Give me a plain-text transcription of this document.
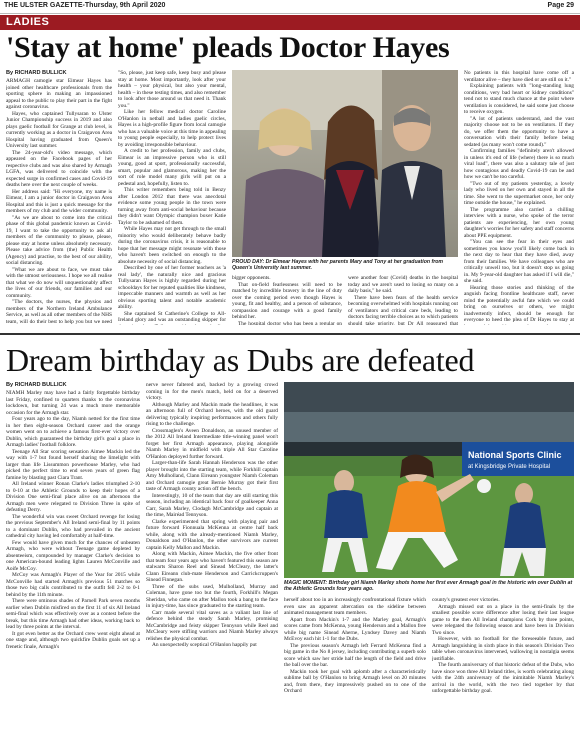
THE ULSTER GAZETTE-Thursday, 9th April 2020	Page 29
LADIES
'Stay at home' pleads Doctor Hayes
By RICHARD BULLICK

ARMAGH camogie star Eimear Hayes has joined other healthcare professionals from the sporting sphere in making an impassioned appeal to the public to play their part in the fight against coronavirus.

Hayes, who captained Tullysaran to Ulster Junior Championship success in 2019 and also plays gaelic football for Grange at club level, is currently working as a doctor in Craigavon Area Hospital having graduated from Queen's University last summer.

The 24-year-old's video message, which appeared on the Facebook pages of her respective clubs and was also shared by Armagh LGFA, was delivered to coincide with the expected surge in confirmed cases and Covid-19 deaths here over the next couple of weeks.

Her address said: "Hi everyone, my name is Eimear, I am a junior doctor in Craigavon Area Hospital and this is just a quick message for the members of my club and the wider community.

"As we are about to come into the critical phase of this global pandemic known as Covid-19, I want to take the opportunity to ask all members of the community to please, please, please stay at home unless absolutely necessary. Please take advice from (the) Public Health (Agency) and practise, to the best of our ability, social distancing.

"What we are about to face, we must take with the utmost seriousness. I hope we all realise that what we do now will unquestionably affect the lives of our friends, our families and our community.

"The doctors, the nurses, the physios and members of the Northern Ireland Ambulance Service, as well as all other members of the NHS team, will do their best to help you but we need

"So, please, just keep safe, keep busy and please stay at home. Most importantly, look after your health – your physical, but also your mental, health – in these testing times, and also remember to look after those around us that need it. Thank you."

Like her fellow medical doctor Caroline O'Hanlon in netball and ladies gaelic circles, Hayes is a high-profile figure from local camogie who has a valuable voice at this time in appealing to young people especially, to help protect lives by avoiding irresponsible behaviour.

A credit to her profession, family and clubs, Eimear is an impressive person who is still young, good at sport, professionally successful, smart, popular and glamorous, making her the sort of role model many girls will put on a pedestal and, hopefully, listen to.

This writer remembers being told in Benzy after London 2012 that there was anecdotal evidence some young people in the town were turning away from anti-social behaviour because they didn't want Olympic champion boxer Katie Taylor to be ashamed of them.

While Hayes may not get through to the small minority who would deliberately behave badly during the coronavirus crisis, it is reasonable to hope that her message might resonate with those who haven't been switched on enough to the absolute necessity of social distancing.

Described by one of her former teachers as 'a real lady', the naturally nice and gracious Tullysaran Hayes is highly regarded during her schooldays for her reputed qualities like kindness, impeccable manners and warmth as well as her obvious sporting talent and notable academic ability.

She captained St Catherine's College to All-Ireland glory and was an outstanding skipper for

PROUD DAY: Dr Eimear Hayes with her parents Mary and Tony at her graduation from Queen's University last summer.

bigger opponents.

That on-field fearlessness will need to be matched by incredible bravery in the line of duty over the coming period even though Hayes is young, fit and healthy, and a person of substance, compassion and courage with a good family behind her.

The hospital doctor who has been a regular on

were another four (Covid) deaths in the hospital today and we aren't used to losing so many on a daily basis," he said.

There have been fears of the health service becoming overwhelmed with hospitals running out of ventilators and critical care beds, leading to doctors facing terrible choices as to which patients should take priority, but Dr All reassured that

No patients in this hospital have come off a ventilator alive – they have died or are still on it."

Explaining patients with "long-standing lung conditions, very bad heart or kidney conditions" tend not to stand much chance at the point where ventilation is considered, he said some just choose to receive oxygen.

"A lot of patients understand, and the vast majority choose not to be on ventilators. If they do, we offer them the opportunity to have a conversation with their family before being sedated (as many won't come round)."

Confirming families "definitely aren't allowed in unless it's end of life (where) there is so much viral load", there was also a salutary tale of just how contagious and deadly Covid-19 can be and how we can't be too careful.

"Two out of my patients yesterday, a lovely lady who lived on her own and stayed in all the time. She went to the supermarket once, her only time outside the house," he explained.

The programme also carried a chilling interview with a nurse, who spoke of the terror patients are experiencing, her own young daughter's worries for her safety and staff concerns about PPE equipment.

"You can see the fear in their eyes and sometimes you know you'll likely come back in the next day to hear that they have died, away from their families. We have colleagues who are critically unwell too, but it doesn't stop us going in. My 9-year-old daughter has asked if I will die," she said.

Hearing those stories and thinking of the anguish facing frontline healthcare staff, never mind the potentially awful fate which we could bring on ourselves or others, we might inadvertently infect, should be enough for everyone to heed the plea of Dr Hayes to stay at

Dream birthday as Dubs are defeated
By RICHARD BULLICK

NIAMH Marley may have had a fairly forgettable birthday last Friday, confined to quarters thanks to the coronavirus lockdown, but turning 24 was a much more memorable occasion for the Armagh star.

Four years ago to the day, Niamh netted for the first time in her then eight-season Orchard career and the orange women went on to achieve a famous first-ever victory over Dublin, which guaranteed the birthday girl's goal a place in Armagh ladies' football folklore.

Teenage All Star scoring sensation Aimee Mackin led the way with 1-7 but found herself sharing the limelight with larger than life Lissummon powerhouse Marley, who had picked the perfect time to end seven years of green flag famine by blasting past Ciara Trant.

All Ireland winner Ronan Clarke's ladies triumphed 2-10 to 0-10 at the Athletic Grounds to keep their hopes of a Division One semi-final place alive on an afternoon the Armagh men were relegated to Division Three in spite of defeating Derry.

The wonderful win was sweet Orchard revenge for losing the previous September's All Ireland semi-final by 11 points to a dominant Dublin, who had prevailed in the ancient cathedral city having led comfortably at half-time.

Few would have given much for the chances of unbeaten Armagh, who were without Teenage game depleted by absenteeism, compounded by manager Clarke's decision to one American-bound leading lights Lauren McConville and Aoife McCoy.

McCoy was Armagh's Player of the Year for 2015 while McConville had started Armagh's previous 51 matches so those two big calls contributed to the outfit fell 2-2 to 0-1 behind by the 11th minute.

There were ominous shades of Parnell Park seven months earlier when Dublin misfired on the first 11 of six All Ireland semi-final which was effectively over as a contest before the break, but this time Armagh had other ideas, working back to lead by three points at the interval.

It got even better as the Orchard crew went eight ahead at one stage and, although two quickfire Dublin goals set up a frenetic finale, Armagh's

nerve never faltered and, backed by a growing crowd coming in for the men's match, held on for a deserved victory.

Although Marley and Mackin made the headlines, it was an afternoon full of Orchard heroes, with the old guard delivering typically inspiring performances and others fully rising to the challenge.

Crossmaglen's Aveen Donaldson, an unused member of the 2012 All Ireland Intermediate title-winning panel won't forget her first Armagh appearance, playing alongside Niamh Marley in midfield with triple All Star Caroline O'Hanlon deployed further forward.

Larger-than-life Sarah Hannah Henderson was the other player brought into the starting team, while Forkhill captain Amy Mulholland, Clann Eireann youngster Niamh Coleman and Orchard camogie great Bernie Murray got their first taste of Armagh county action off the bench.

Interestingly, 10 of the team that day are still starting this season, including an identical back four of goalkeeper Anna Carr, Sarah Marley, Clodagh McCambridge and captain at the time, Mairéad Tennyson.

Clarke experimented that spring with playing pair and future forward Fionnuala McKenna at centre half back while, along with the already-mentioned Niamh Marley, Donaldson and O'Hanlon, the other survivors are current captain Kelly Mallon and Mackin.

Along with Mackin, Aimee Mackin, the five other front that team four years ago who haven't featured this season are stalwarts Sharon Reel and Sinead McCleary, the latter's Clann Eireann club-mate Henderson and Carrickcruppen's Sinead Finnegan.

Three of the subs used, Mulholland, Murray and Coleman, have gone too but the fourth, Forkhill's Megan Sheridan, who came on after Mallon took a bang to the face in injury-time, has since graduated to the starting team.

Carr made several vital saves as a valiant last line of defence behind the steady Sarah Marley, promising McCambridge and feisty skipper Tennyson while Reel and McCleary were stifling warriors and Niamh Marley always relishes the physical combat.

An unexpectedly sceptical O'Hanlon happily put

National Sports Clinic
at Kingsbridge Private Hospital
MAGIC MOMENT: Birthday girl Niamh Marley shots home her first ever Armagh goal in the historic win over Dublin at the Athletic Grounds four years ago.

herself about too in an increasingly confrontational fixture which even saw an apparent altercation on the sideline between animated management team members.

Apart from Mackin's 1-7 and the Marley goal, Armagh's scores came from McKenna, young Henderson and a Mallon free while big name Sinead Aherne, Lyndsey Davey and Niamh McEvoy each hit 1-1 for the Dubs.

The previous season's Armagh left Ferrard McKenna find a big game in the No 8 jersey, including contributing a superb solo score which saw her stride half the length of the field and drive the ball over the bar.

Mackin took her goal with aplomb after a characteristically sublime ball by O'Hanlon to bring Armagh level on 20 minutes and, from there, they impressively pushed on to one of the Orchard

county's greatest ever victories.

Armagh missed out on a place in the semi-finals by the smallest possible score difference after losing their last league game to the then All Ireland champions Cork by three points, were relegated the following season and have been in Division Two since.

However, with no football for the foreseeable future, and Armagh languishing in sixth place in this season's Division Two table when coronavirus intervened, wallowing in nostalgia seems justifiable.

The fourth anniversary of that historic defeat of the Dubs, who have since won three All Ireland titles, is worth celebrating along with the 24th anniversary of the inimitable Niamh Marley's arrival in the world, with the two tied together by that unforgettable birthday goal.
